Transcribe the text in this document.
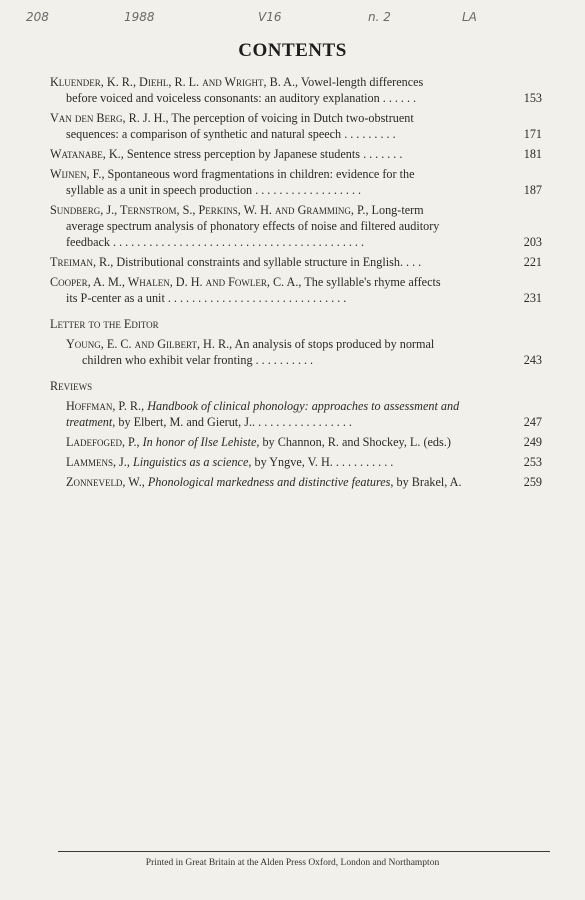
208	1988	V16	n. 2	LA
CONTENTS
Kluender, K. R., Diehl, R. L. and Wright, B. A., Vowel-length differences
before voiced and voiceless consonants: an auditory explanation ......	153
Van den Berg, R. J. H., The perception of voicing in Dutch two-obstruent
sequences: a comparison of synthetic and natural speech .........	171
Watanabe, K., Sentence stress perception by Japanese students .......	181
Wijnen, F., Spontaneous word fragmentations in children: evidence for the
syllable as a unit in speech production ..................	187
Sundberg, J., Ternstrom, S., Perkins, W. H. and Gramming, P., Long-term
average spectrum analysis of phonatory effects of noise and filtered auditory
feedback ..........................................	203
Treiman, R., Distributional constraints and syllable structure in English....	221
Cooper, A. M., Whalen, D. H. and Fowler, C. A., The syllable's rhyme affects
its P-center as a unit ..............................	231
Letter to the Editor
Young, E. C. and Gilbert, H. R., An analysis of stops produced by normal
children who exhibit velar fronting ..........	243
Reviews
Hoffman, P. R., Handbook of clinical phonology: approaches to assessment and
treatment, by Elbert, M. and Gierut, J.. ................	247
Ladefoged, P., In honor of Ilse Lehiste, by Channon, R. and Shockey, L. (eds.)	249
Lammens, J., Linguistics as a science, by Yngve, V. H. ..........	253
Zonneveld, W., Phonological markedness and distinctive features, by Brakel, A.	259
Printed in Great Britain at the Alden Press Oxford, London and Northampton
